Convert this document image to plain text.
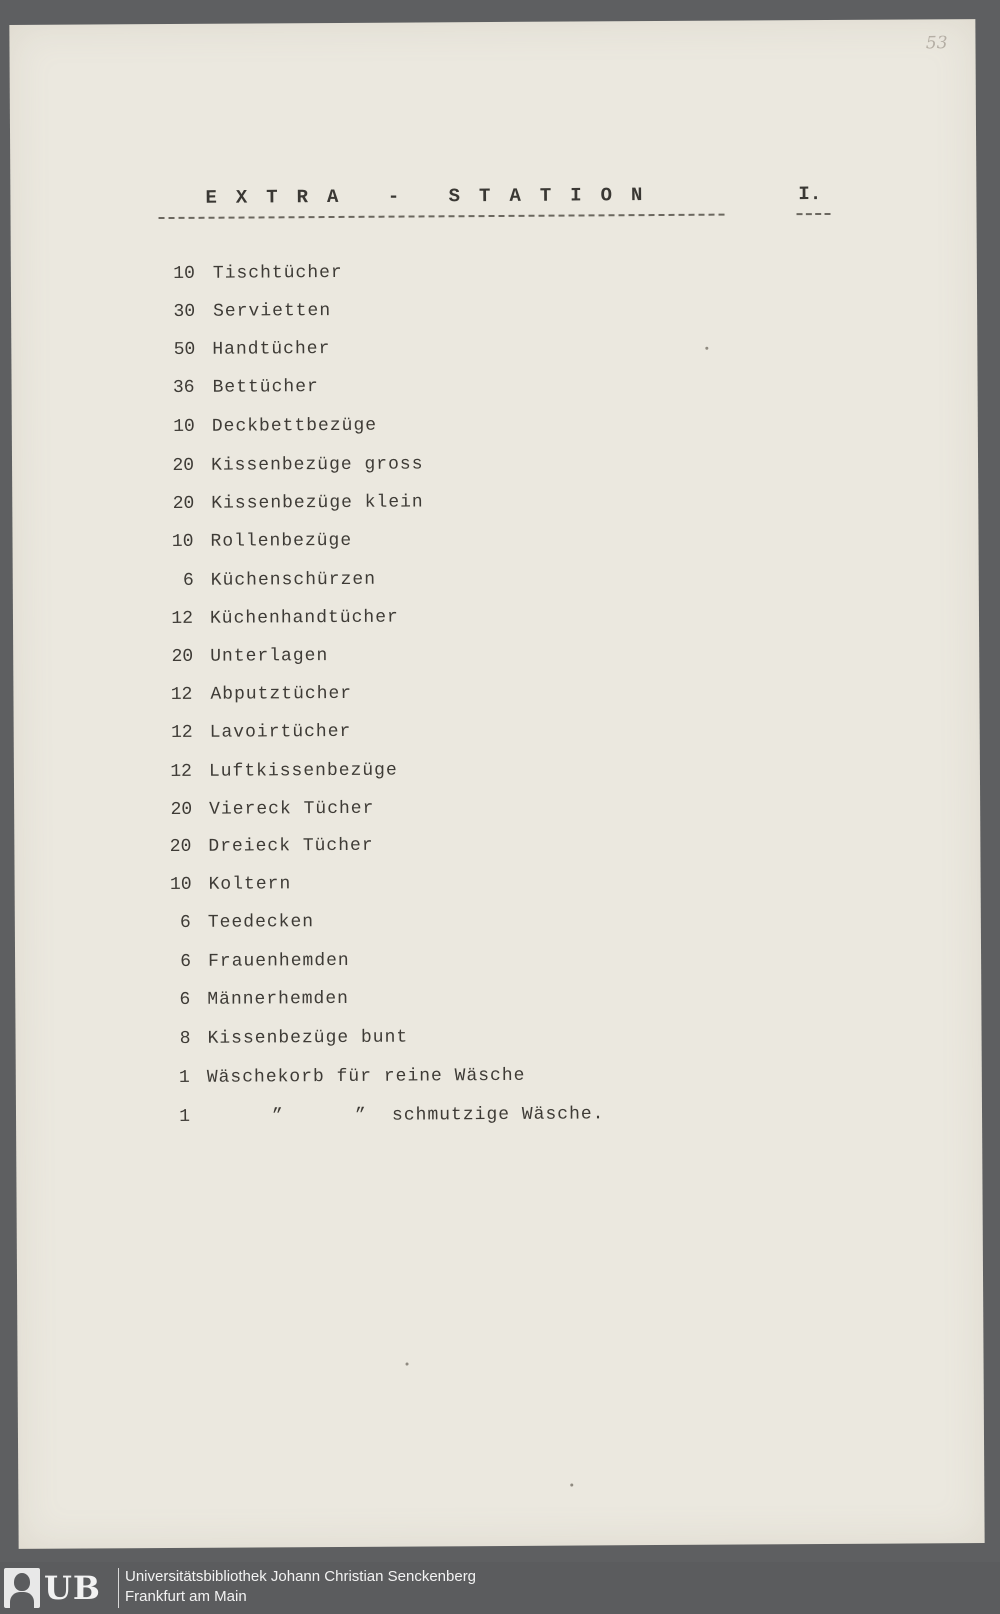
53
EXTRA - STATION	I.
10 Tischtücher
30 Servietten
50 Handtücher
36 Bettücher
10 Deckbettbezüge
20 Kissenbezüge gross
20 Kissenbezüge klein
10 Rollenbezüge
6 Küchenschürzen
12 Küchenhandtücher
20 Unterlagen
12 Abputztücher
12 Lavoirtücher
12 Luftkissenbezüge
20 Viereck Tücher
20 Dreieck Tücher
10 Koltern
6 Teedecken
6 Frauenhemden
6 Männerhemden
8 Kissenbezüge bunt
1 Wäschekorb für reine Wäsche
1	”	” schmutzige Wäsche.
UB Universitätsbibliothek Johann Christian Senckenberg
Frankfurt am Main
